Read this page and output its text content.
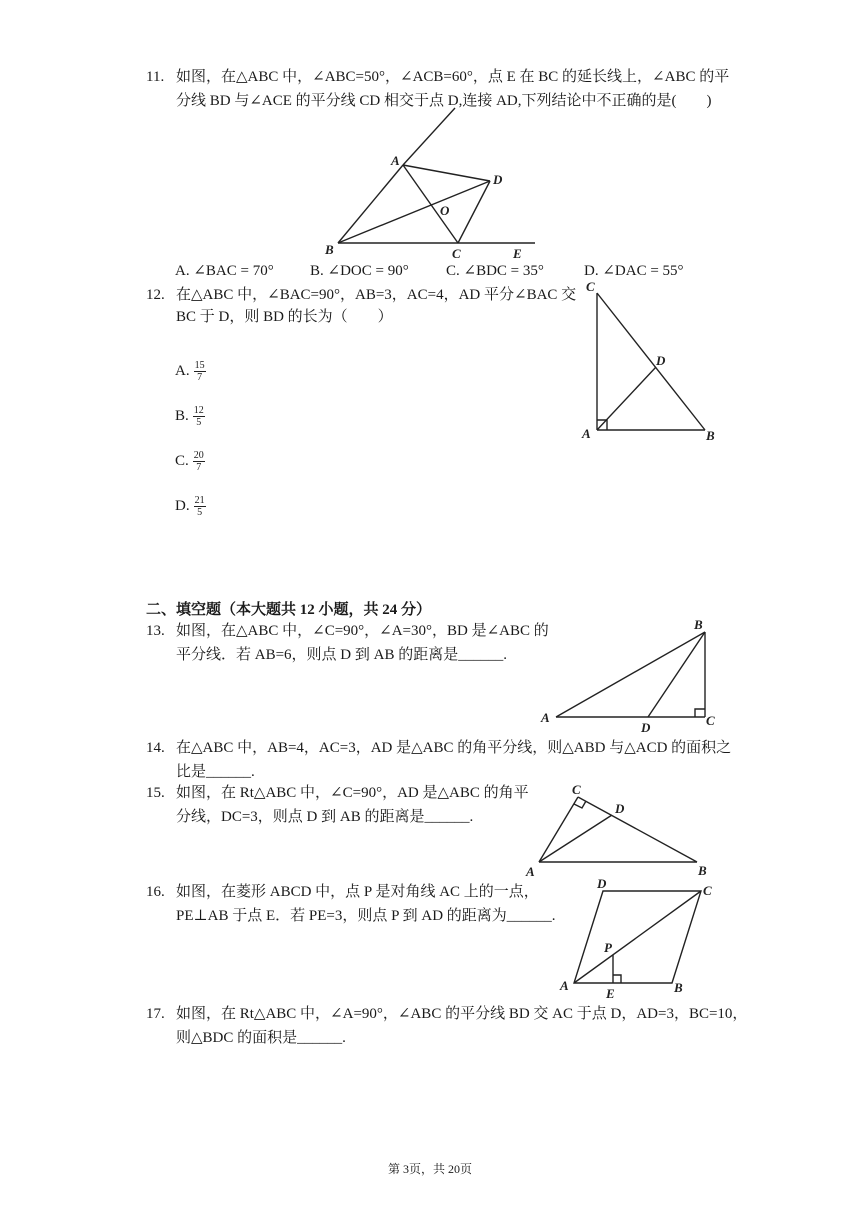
11. 如图，在△ABC 中，∠ABC=50°，∠ACB=60°，点 E 在 BC 的延长线上，∠ABC 的平
分线 BD 与∠ACE 的平分线 CD 相交于点 D,连接 AD,下列结论中不正确的是(　　)
A
B	C
D
E
O
A. ∠BAC = 70° B. ∠DOC = 90° C. ∠BDC = 35°	D. ∠DAC = 55°
12. 在△ABC 中，∠BAC=90°，AB=3，AC=4，AD 平分∠BAC 交
BC 于 D，则 BD 的长为（　　）
A. $\frac{15}{7}$
B. $\frac{12}{5}$
C. $\frac{20}{7}$
D. $\frac{21}{5}$
C
D
A	B
二、填空题（本大题共 12 小题，共 24 分）
13. 如图，在△ABC 中，∠C=90°，∠A=30°，BD 是∠ABC 的
平分线．若 AB=6，则点 D 到 AB 的距离是______.
B
A
D	C
14. 在△ABC 中，AB=4，AC=3，AD 是△ABC 的角平分线，则△ABD 与△ACD 的面积之
比是______.
15. 如图，在 Rt△ABC 中，∠C=90°，AD 是△ABC 的角平
分线，DC=3，则点 D 到 AB 的距离是______.
C
D
A	B
16. 如图，在菱形 ABCD 中，点 P 是对角线 AC 上的一点，
PE⊥AB 于点 E．若 PE=3，则点 P 到 AD 的距离为______.
D	C
P
A
E	B
17. 如图，在 Rt△ABC 中，∠A=90°，∠ABC 的平分线 BD 交 AC 于点 D，AD=3，BC=10，
则△BDC 的面积是______.
第 3页，共 20页
